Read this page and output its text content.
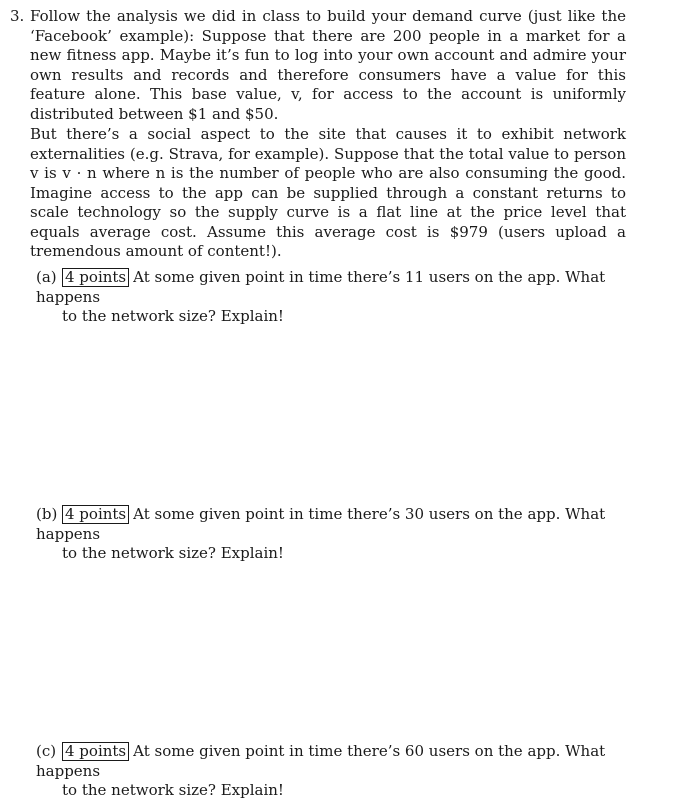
3. Follow the analysis we did in class to build your demand curve (just like the ‘Facebook’ example): Suppose that there are 200 people in a market for a new fitness app. Maybe it’s fun to log into your own account and admire your own results and records and therefore consumers have a value for this feature alone. This base value, v, for access to the account is uniformly distributed between $1 and $50.
But there’s a social aspect to the site that causes it to exhibit network externalities (e.g. Strava, for example). Suppose that the total value to person v is v · n where n is the number of people who are also consuming the good. Imagine access to the app can be supplied through a constant returns to scale technology so the supply curve is a flat line at the price level that equals average cost. Assume this average cost is $979 (users upload a tremendous amount of content!).
(a) 4 points At some given point in time there’s 11 users on the app. What happens
to the network size? Explain!
(b) 4 points At some given point in time there’s 30 users on the app. What happens
to the network size? Explain!
(c) 4 points At some given point in time there’s 60 users on the app. What happens
to the network size? Explain!
